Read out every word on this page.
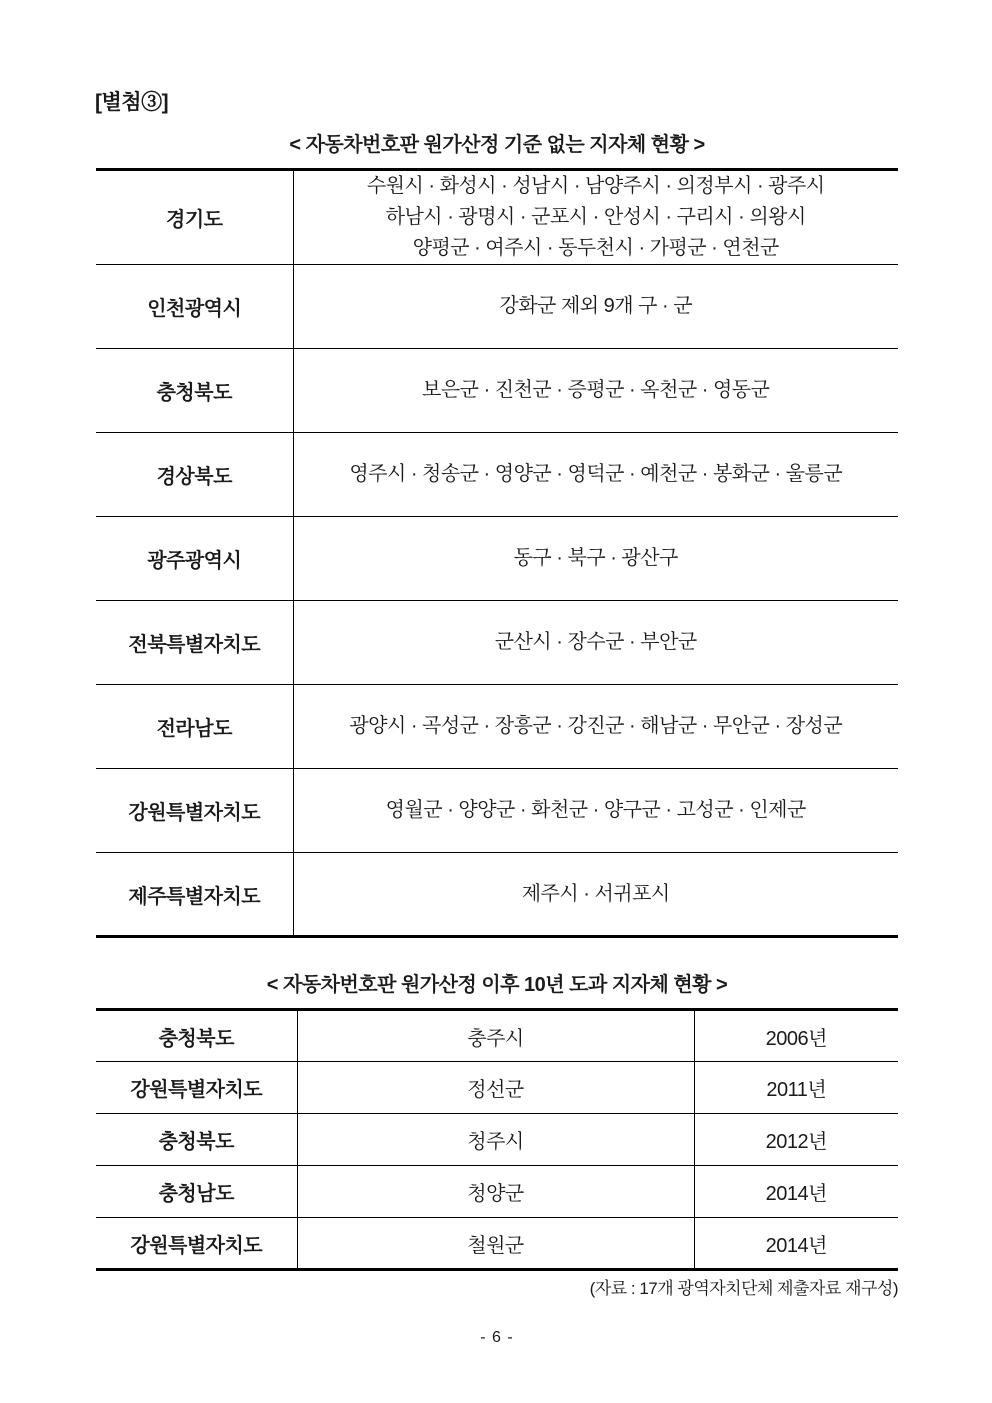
[별첨③]
< 자동차번호판 원가산정 기준 없는 지자체 현황 >
경기도	수원시 · 화성시 · 성남시 · 남양주시 · 의정부시 · 광주시
하남시 · 광명시 · 군포시 · 안성시 · 구리시 · 의왕시
양평군 · 여주시 · 동두천시 · 가평군 · 연천군

인천광역시	강화군 제외 9개 구 · 군

충청북도	보은군 · 진천군 · 증평군 · 옥천군 · 영동군

경상북도	영주시 · 청송군 · 영양군 · 영덕군 · 예천군 · 봉화군 · 울릉군

광주광역시	동구 · 북구 · 광산구

전북특별자치도	군산시 · 장수군 · 부안군

전라남도	광양시 · 곡성군 · 장흥군 · 강진군 · 해남군 · 무안군 · 장성군

강원특별자치도	영월군 · 양양군 · 화천군 · 양구군 · 고성군 · 인제군

제주특별자치도	제주시 · 서귀포시
< 자동차번호판 원가산정 이후 10년 도과 지자체 현황 >
충청북도	충주시	2006년
강원특별자치도	정선군	2011년
충청북도	청주시	2012년
충청남도	청양군	2014년
강원특별자치도	철원군	2014년
(자료 : 17개 광역자치단체 제출자료 재구성)
- 6 -
